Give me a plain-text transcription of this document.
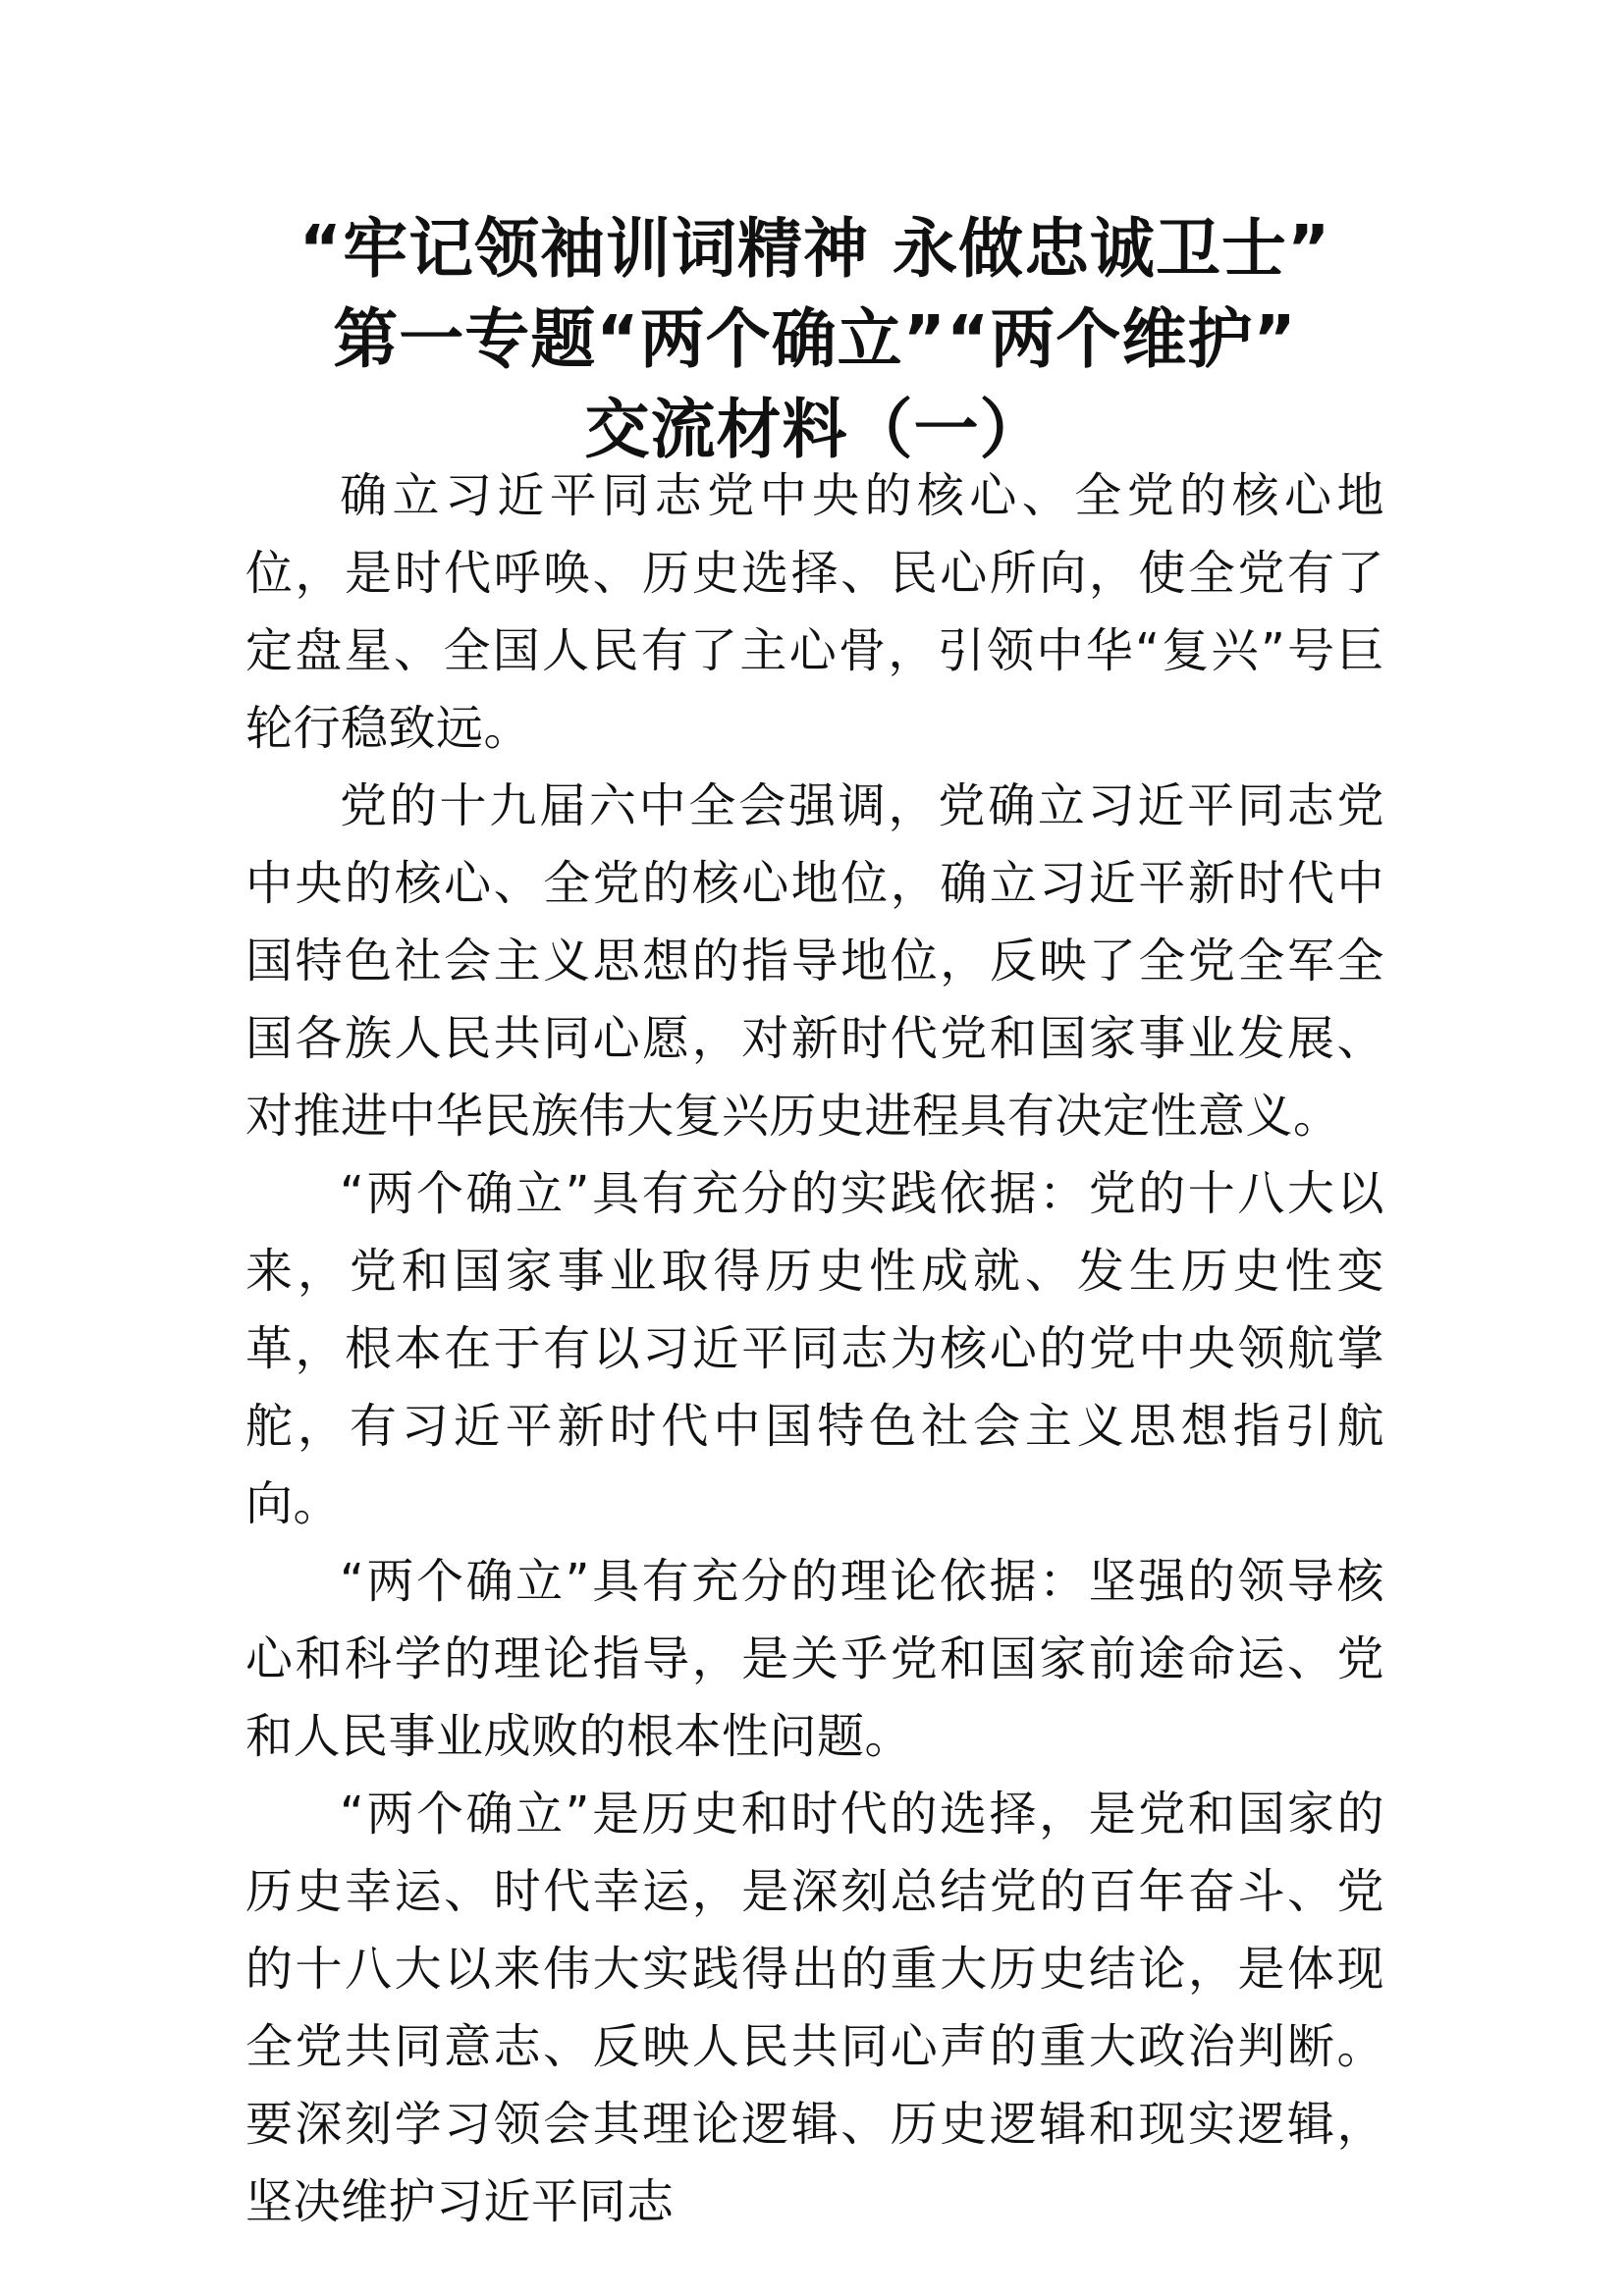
“牢记领袖训词精神 永做忠诚卫士”
第一专题“两个确立”“两个维护”
交流材料（一）

确立习近平同志党中央的核心、全党的核心地位，是时代呼唤、历史选择、民心所向，使全党有了定盘星、全国人民有了主心骨，引领中华“复兴”号巨轮行稳致远。

党的十九届六中全会强调，党确立习近平同志党中央的核心、全党的核心地位，确立习近平新时代中国特色社会主义思想的指导地位，反映了全党全军全国各族人民共同心愿，对新时代党和国家事业发展、对推进中华民族伟大复兴历史进程具有决定性意义。

“两个确立”具有充分的实践依据：党的十八大以来，党和国家事业取得历史性成就、发生历史性变革，根本在于有以习近平同志为核心的党中央领航掌舵，有习近平新时代中国特色社会主义思想指引航向。

“两个确立”具有充分的理论依据：坚强的领导核心和科学的理论指导，是关乎党和国家前途命运、党和人民事业成败的根本性问题。

“两个确立”是历史和时代的选择，是党和国家的历史幸运、时代幸运，是深刻总结党的百年奋斗、党的十八大以来伟大实践得出的重大历史结论，是体现全党共同意志、反映人民共同心声的重大政治判断。要深刻学习领会其理论逻辑、历史逻辑和现实逻辑，坚决维护习近平同志
